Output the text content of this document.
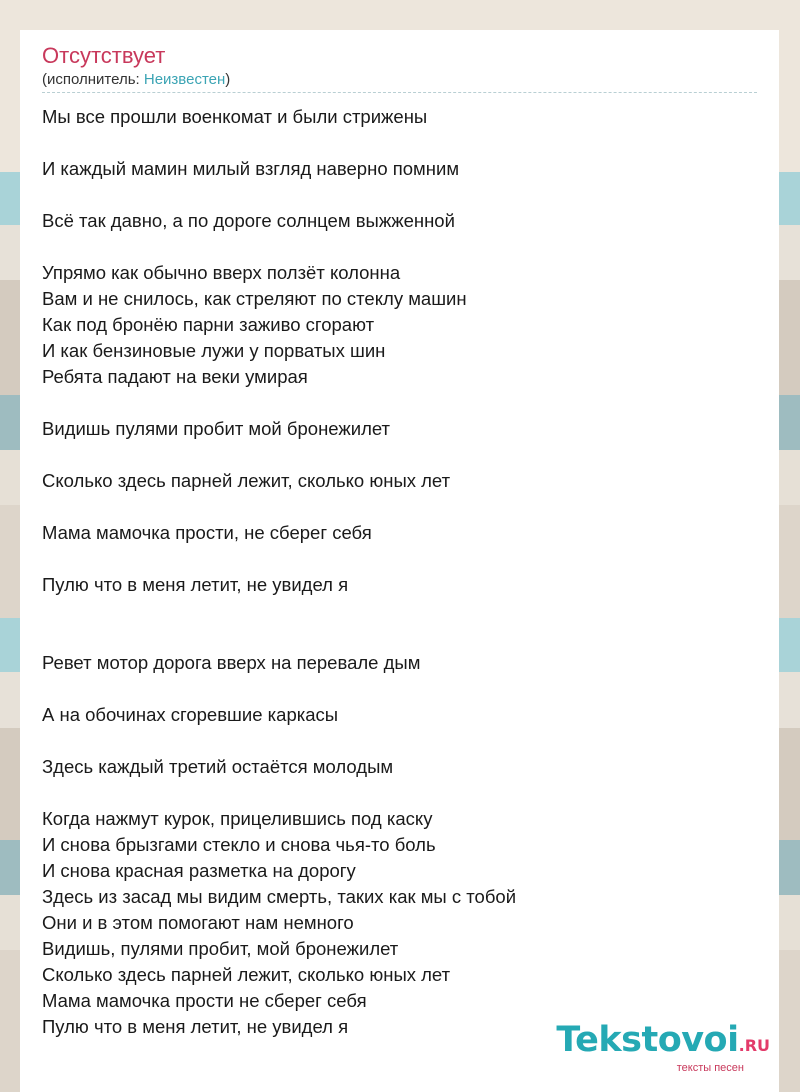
Отсутствует
(исполнитель: Неизвестен)

Мы все прошли военкомат и были стрижены

И каждый мамин милый взгляд наверно помним

Всё так давно, а по дороге солнцем выжженной

Упрямо как обычно вверх ползёт колонна
Вам и не снилось, как стреляют по стеклу машин
Как под бронёю парни заживо сгорают
И как бензиновые лужи у порватых шин
Ребята падают на веки умирая

Видишь пулями пробит мой бронежилет

Сколько здесь парней лежит, сколько юных лет

Мама мамочка прости, не сберег себя

Пулю что в меня летит, не увидел я

Ревет мотор дорога вверх на перевале дым

А на обочинах сгоревшие каркасы

Здесь каждый третий остаётся молодым

Когда нажмут курок, прицелившись под каску
И снова брызгами стекло и снова чья-то боль
И снова красная разметка на дорогу
Здесь из засад мы видим смерть, таких как мы с тобой
Они и в этом помогают нам немного
Видишь, пулями пробит, мой бронежилет
Сколько здесь парней лежит, сколько юных лет
Мама мамочка прости не сберег себя
Пулю что в меня летит, не увидел я	Tekstovoi.RU
тексты песен
